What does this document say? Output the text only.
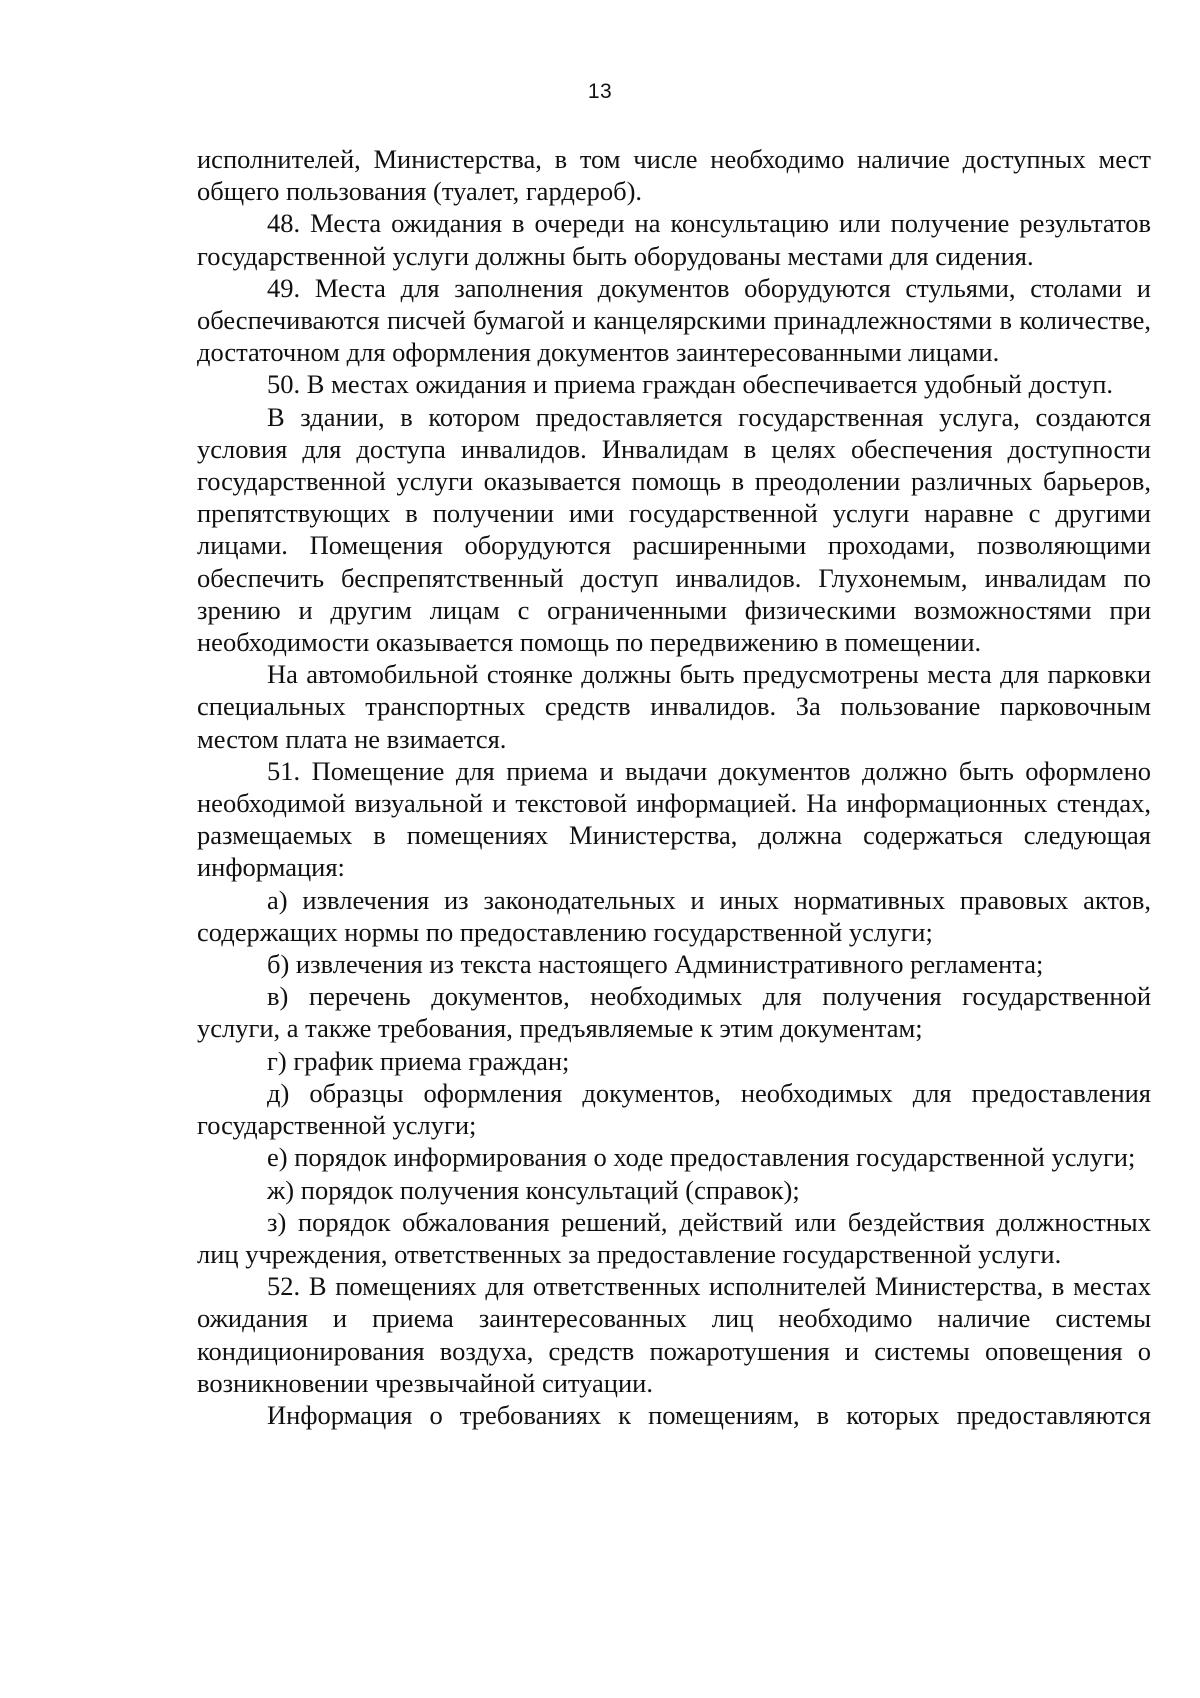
13

исполнителей, Министерства, в том числе необходимо наличие доступных мест общего пользования (туалет, гардероб).

48. Места ожидания в очереди на консультацию или получение результатов государственной услуги должны быть оборудованы местами для сидения.

49. Места для заполнения документов оборудуются стульями, столами и обеспечиваются писчей бумагой и канцелярскими принадлежностями в количестве, достаточном для оформления документов заинтересованными лицами.

50. В местах ожидания и приема граждан обеспечивается удобный доступ.

В здании, в котором предоставляется государственная услуга, создаются условия для доступа инвалидов. Инвалидам в целях обеспечения доступности государственной услуги оказывается помощь в преодолении различных барьеров, препятствующих в получении ими государственной услуги наравне с другими лицами. Помещения оборудуются расширенными проходами, позволяющими обеспечить беспрепятственный доступ инвалидов. Глухонемым, инвалидам по зрению и другим лицам с ограниченными физическими возможностями при необходимости оказывается помощь по передвижению в помещении.

На автомобильной стоянке должны быть предусмотрены места для парковки специальных транспортных средств инвалидов. За пользование парковочным местом плата не взимается.

51. Помещение для приема и выдачи документов должно быть оформлено необходимой визуальной и текстовой информацией. На информационных стендах, размещаемых в помещениях Министерства, должна содержаться следующая информация:

а) извлечения из законодательных и иных нормативных правовых актов, содержащих нормы по предоставлению государственной услуги;

б) извлечения из текста настоящего Административного регламента;

в) перечень документов, необходимых для получения государственной услуги, а также требования, предъявляемые к этим документам;

г) график приема граждан;

д) образцы оформления документов, необходимых для предоставления государственной услуги;

е) порядок информирования о ходе предоставления государственной услуги;

ж) порядок получения консультаций (справок);

з) порядок обжалования решений, действий или бездействия должностных лиц учреждения, ответственных за предоставление государственной услуги.

52. В помещениях для ответственных исполнителей Министерства, в местах ожидания и приема заинтересованных лиц необходимо наличие системы кондиционирования воздуха, средств пожаротушения и системы оповещения о возникновении чрезвычайной ситуации.

Информация о требованиях к помещениям, в которых предоставляются
